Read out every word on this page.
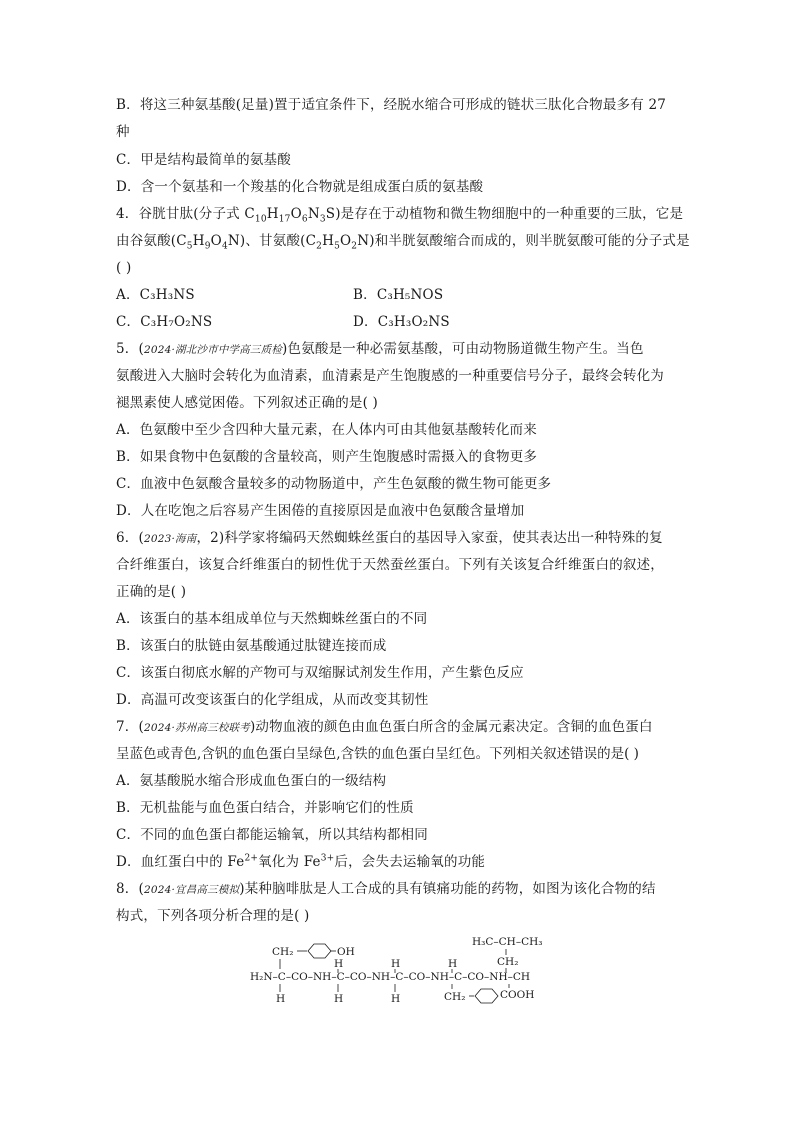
B．将这三种氨基酸(足量)置于适宜条件下，经脱水缩合可形成的链状三肽化合物最多有 27
种
C．甲是结构最简单的氨基酸
D．含一个氨基和一个羧基的化合物就是组成蛋白质的氨基酸
4．谷胱甘肽(分子式 $C_{10}H_{17}O_6N_3S$)是存在于动植物和微生物细胞中的一种重要的三肽，它是
由谷氨酸$(C_5H_9O_4N)$、甘氨酸$(C_2H_5O_2N)$和半胱氨酸缩合而成的，则半胱氨酸可能的分子式是
( )
A．C₃H₃NS	B．C₃H₅NOS
C．C₃H₇O₂NS	D．C₃H₃O₂NS
5．(2024·湖北沙市中学高三质检)色氨酸是一种必需氨基酸，可由动物肠道微生物产生。当色
氨酸进入大脑时会转化为血清素，血清素是产生饱腹感的一种重要信号分子，最终会转化为
褪黑素使人感觉困倦。下列叙述正确的是( )
A．色氨酸中至少含四种大量元素，在人体内可由其他氨基酸转化而来
B．如果食物中色氨酸的含量较高，则产生饱腹感时需摄入的食物更多
C．血液中色氨酸含量较多的动物肠道中，产生色氨酸的微生物可能更多
D．人在吃饱之后容易产生困倦的直接原因是血液中色氨酸含量增加
6．(2023·海南，2)科学家将编码天然蜘蛛丝蛋白的基因导入家蚕，使其表达出一种特殊的复
合纤维蛋白，该复合纤维蛋白的韧性优于天然蚕丝蛋白。下列有关该复合纤维蛋白的叙述，
正确的是( )
A．该蛋白的基本组成单位与天然蜘蛛丝蛋白的不同
B．该蛋白的肽链由氨基酸通过肽键连接而成
C．该蛋白彻底水解的产物可与双缩脲试剂发生作用，产生紫色反应
D．高温可改变该蛋白的化学组成，从而改变其韧性
7．(2024·苏州高三校联考)动物血液的颜色由血色蛋白所含的金属元素决定。含铜的血色蛋白
呈蓝色或青色,含钒的血色蛋白呈绿色,含铁的血色蛋白呈红色。下列相关叙述错误的是( )
A．氨基酸脱水缩合形成血色蛋白的一级结构
B．无机盐能与血色蛋白结合，并影响它们的性质
C．不同的血色蛋白都能运输氧，所以其结构都相同
D．血红蛋白中的 $Fe^{2+}$氧化为 $Fe^{3+}$后，会失去运输氧的功能
8．(2024·宜昌高三模拟)某种脑啡肽是人工合成的具有镇痛功能的药物，如图为该化合物的结
构式，下列各项分析合理的是( )
H₂N–C–CO–NH–C–CO–NH–C–CO–NH–C–CO–NH–CH
CH₂	OH
H
H
H
H
H
H
CH₂
H₃C–CH–CH₃
CH₂
COOH
